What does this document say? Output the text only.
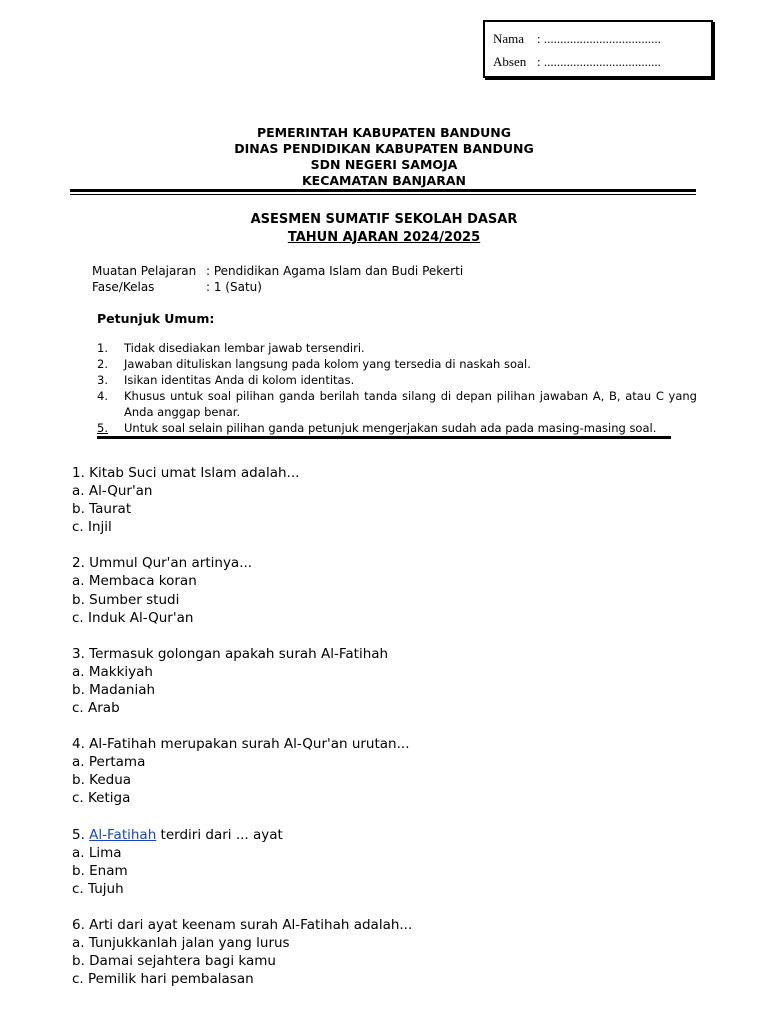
Nama : ....................................
Absen : ....................................
PEMERINTAH KABUPATEN BANDUNG
DINAS PENDIDIKAN KABUPATEN BANDUNG
SDN NEGERI SAMOJA
KECAMATAN BANJARAN
ASESMEN SUMATIF SEKOLAH DASAR
TAHUN AJARAN 2024/2025
Muatan Pelajaran : Pendidikan Agama Islam dan Budi Pekerti
Fase/Kelas	: 1 (Satu)
Petunjuk Umum:
1.	Tidak disediakan lembar jawab tersendiri.
2.	Jawaban dituliskan langsung pada kolom yang tersedia di naskah soal.
3.	Isikan identitas Anda di kolom identitas.
4.	Khusus untuk soal pilihan ganda berilah tanda silang di depan pilihan jawaban A, B, atau C yang Anda anggap benar.
5.	Untuk soal selain pilihan ganda petunjuk mengerjakan sudah ada pada masing-masing soal.
1. Kitab Suci umat Islam adalah...
a. Al-Qur'an
b. Taurat
c. Injil
2. Ummul Qur'an artinya...
a. Membaca koran
b. Sumber studi
c. Induk Al-Qur'an
3. Termasuk golongan apakah surah Al-Fatihah
a. Makkiyah
b. Madaniah
c. Arab
4. Al-Fatihah merupakan surah Al-Qur'an urutan...
a. Pertama
b. Kedua
c. Ketiga
5. Al-Fatihah terdiri dari ... ayat
a. Lima
b. Enam
c. Tujuh
6. Arti dari ayat keenam surah Al-Fatihah adalah...
a. Tunjukkanlah jalan yang lurus
b. Damai sejahtera bagi kamu
c. Pemilik hari pembalasan
